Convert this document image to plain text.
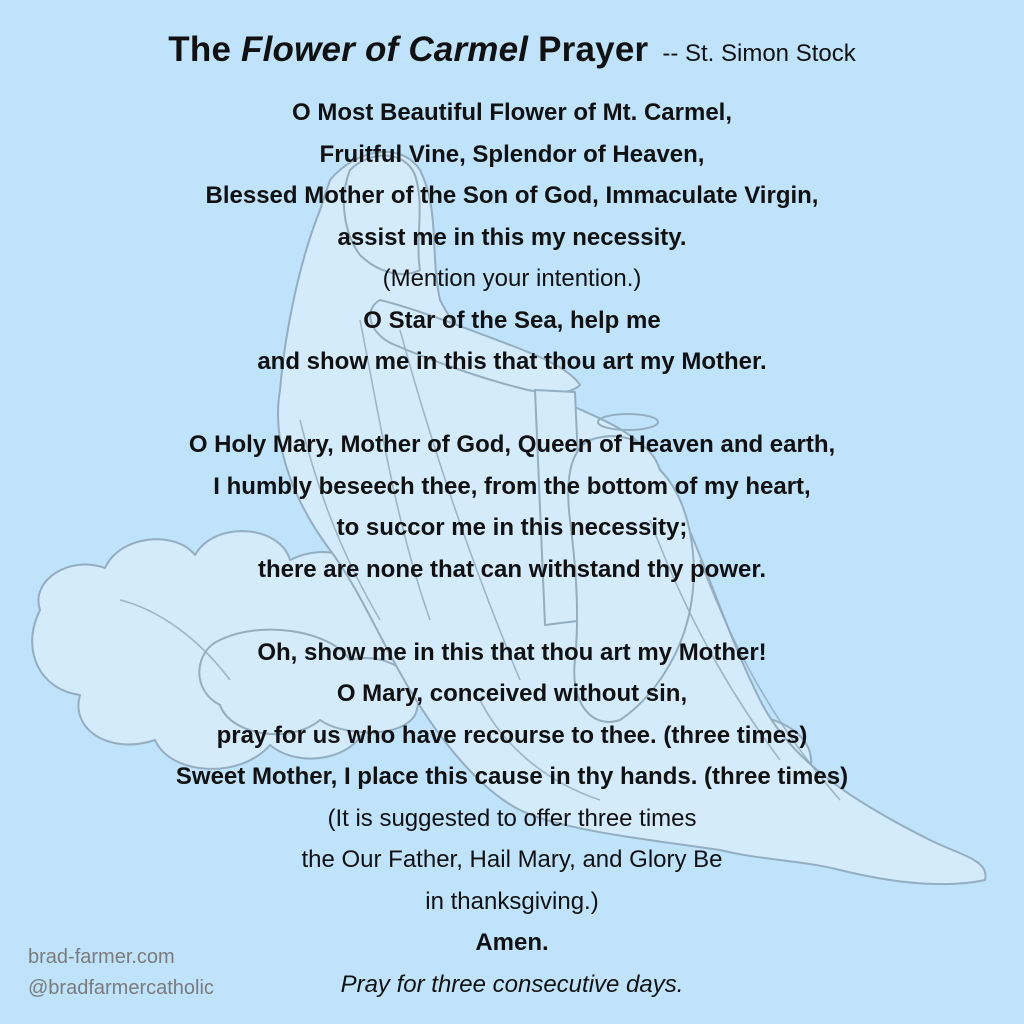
The Flower of Carmel Prayer -- St. Simon Stock
O Most Beautiful Flower of Mt. Carmel,
Fruitful Vine, Splendor of Heaven,
Blessed Mother of the Son of God, Immaculate Virgin,
assist me in this my necessity.
(Mention your intention.)
O Star of the Sea, help me
and show me in this that thou art my Mother.
O Holy Mary, Mother of God, Queen of Heaven and earth,
I humbly beseech thee, from the bottom of my heart,
to succor me in this necessity;
there are none that can withstand thy power.
Oh, show me in this that thou art my Mother!
O Mary, conceived without sin,
pray for us who have recourse to thee. (three times)
Sweet Mother, I place this cause in thy hands. (three times)
(It is suggested to offer three times
the Our Father, Hail Mary, and Glory Be
in thanksgiving.)
Amen.
Pray for three consecutive days.
brad-farmer.com
@bradfarmercatholic
